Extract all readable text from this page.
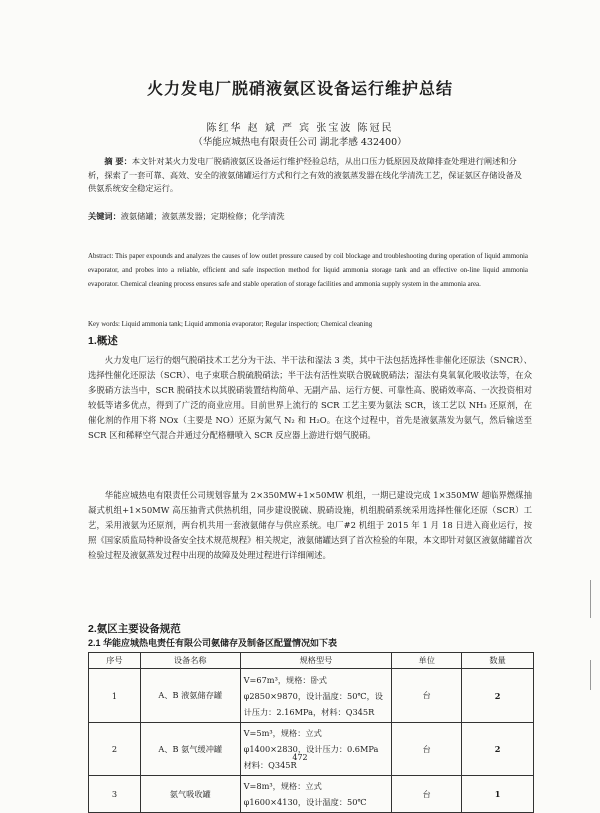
火力发电厂脱硝液氨区设备运行维护总结
陈红华 赵 斌 严 宾 张宝波 陈冠民
（华能应城热电有限责任公司 湖北孝感 432400）
摘 要：本文针对某火力发电厂脱硝液氨区设备运行维护经验总结，从出口压力低原因及故障排查处理进行阐述和分析，探索了一套可靠、高效、安全的液氨储罐运行方式和行之有效的液氨蒸发器在线化学清洗工艺，保证氨区存储设备及供氨系统安全稳定运行。
关键词：液氨储罐；液氨蒸发器；定期检修；化学清洗
Abstract: This paper expounds and analyzes the causes of low outlet pressure caused by coil blockage and troubleshooting during operation of liquid ammonia evaporator, and probes into a reliable, efficient and safe inspection method for liquid ammonia storage tank and an effective on-line liquid ammonia evaporator. Chemical cleaning process ensures safe and stable operation of storage facilities and ammonia supply system in the ammonia area.
Key words: Liquid ammonia tank; Liquid ammonia evaporator; Regular inspection; Chemical cleaning
1.概述
火力发电厂运行的烟气脱硝技术工艺分为干法、半干法和湿法 3 类，其中干法包括选择性非催化还原法（SNCR）、选择性催化还原法（SCR）、电子束联合脱硫脱硝法；半干法有活性炭联合脱硫脱硝法；湿法有臭氧氧化吸收法等，在众多脱硝方法当中，SCR 脱硝技术以其脱硝装置结构简单、无副产品、运行方便、可靠性高、脱硝效率高、一次投资相对较低等诸多优点，得到了广泛的商业应用。目前世界上流行的 SCR 工艺主要为氨法 SCR，该工艺以 NH₃ 还原剂，在催化剂的作用下将 NOx（主要是 NO）还原为氮气 N₂ 和 H₂O。在这个过程中，首先是液氨蒸发为氨气，然后输送至 SCR 区和稀释空气混合并通过分配格栅喷入 SCR 反应器上游进行烟气脱硝。
华能应城热电有限责任公司规划容量为 2×350MW+1×50MW 机组，一期已建设完成 1×350MW 超临界燃煤抽凝式机组+1×50MW 高压抽背式供热机组，同步建设脱硫、脱硝设施，机组脱硝系统采用选择性催化还原（SCR）工艺，采用液氨为还原剂，两台机共用一套液氨储存与供应系统。电厂#2 机组于 2015 年 1 月 18 日进入商业运行，按照《国家质监局特种设备安全技术规范规程》相关规定，液氨储罐达到了首次检验的年限，本文即针对氨区液氨储罐首次检验过程及液氨蒸发过程中出现的故障及处理过程进行详细阐述。
2.氨区主要设备规范
2.1 华能应城热电责任有限公司氨储存及制备区配置情况如下表
序号	设备名称	规格型号	单位	数量
1	A、B 液氨储存罐	V=67m³，规格：卧式
φ2850×9870，设计温度：50℃，设
计压力：2.16MPa，材料：Q345R	台	2
2	A、B 氨气缓冲罐	V=5m³，规格：立式
φ1400×2830，设计压力：0.6MPa
材料：Q345R	台	2
3	氨气吸收罐	V=8m³，规格：立式
φ1600×4130，设计温度：50℃	台	1
472
